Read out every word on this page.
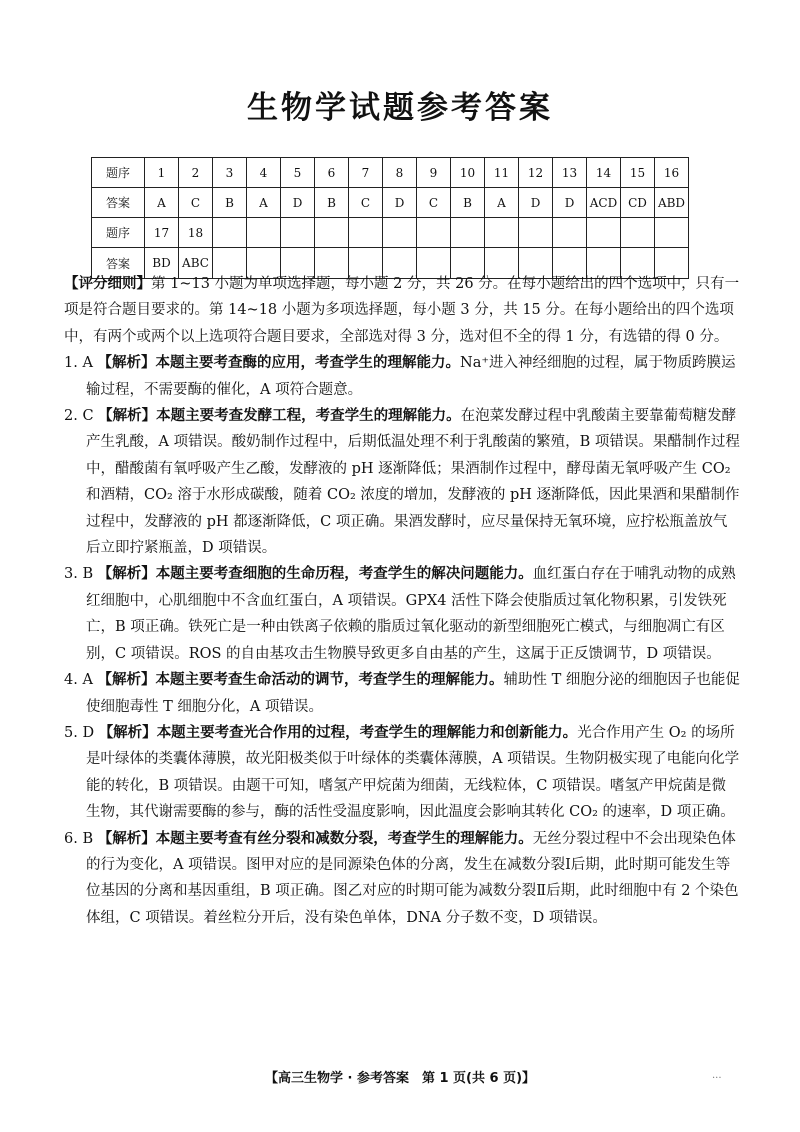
生物学试题参考答案
题序	1	2	3	4	5	6	7	8	9	10	11	12	13	14	15	16
答案	A	C	B	A	D	B	C	D	C	B	A	D	D	ACD	CD	ABD
题序	17	18														
答案	BD	ABC														

【评分细则】第 1~13 小题为单项选择题，每小题 2 分，共 26 分。在每小题给出的四个选项中，只有一项是符合题目要求的。第 14~18 小题为多项选择题，每小题 3 分，共 15 分。在每小题给出的四个选项中，有两个或两个以上选项符合题目要求，全部选对得 3 分，选对但不全的得 1 分，有选错的得 0 分。

1. A 【解析】本题主要考查酶的应用，考查学生的理解能力。Na⁺进入神经细胞的过程，属于物质跨膜运输过程，不需要酶的催化，A 项符合题意。

2. C 【解析】本题主要考查发酵工程，考查学生的理解能力。在泡菜发酵过程中乳酸菌主要靠葡萄糖发酵产生乳酸，A 项错误。酸奶制作过程中，后期低温处理不利于乳酸菌的繁殖，B 项错误。果醋制作过程中，醋酸菌有氧呼吸产生乙酸，发酵液的 pH 逐渐降低；果酒制作过程中，酵母菌无氧呼吸产生 CO₂ 和酒精，CO₂ 溶于水形成碳酸，随着 CO₂ 浓度的增加，发酵液的 pH 逐渐降低，因此果酒和果醋制作过程中，发酵液的 pH 都逐渐降低，C 项正确。果酒发酵时，应尽量保持无氧环境，应拧松瓶盖放气后立即拧紧瓶盖，D 项错误。

3. B 【解析】本题主要考查细胞的生命历程，考查学生的解决问题能力。血红蛋白存在于哺乳动物的成熟红细胞中，心肌细胞中不含血红蛋白，A 项错误。GPX4 活性下降会使脂质过氧化物积累，引发铁死亡，B 项正确。铁死亡是一种由铁离子依赖的脂质过氧化驱动的新型细胞死亡模式，与细胞凋亡有区别，C 项错误。ROS 的自由基攻击生物膜导致更多自由基的产生，这属于正反馈调节，D 项错误。

4. A 【解析】本题主要考查生命活动的调节，考查学生的理解能力。辅助性 T 细胞分泌的细胞因子也能促使细胞毒性 T 细胞分化，A 项错误。

5. D 【解析】本题主要考查光合作用的过程，考查学生的理解能力和创新能力。光合作用产生 O₂ 的场所是叶绿体的类囊体薄膜，故光阳极类似于叶绿体的类囊体薄膜，A 项错误。生物阴极实现了电能向化学能的转化，B 项错误。由题干可知，嗜氢产甲烷菌为细菌，无线粒体，C 项错误。嗜氢产甲烷菌是微生物，其代谢需要酶的参与，酶的活性受温度影响，因此温度会影响其转化 CO₂ 的速率，D 项正确。

6. B 【解析】本题主要考查有丝分裂和减数分裂，考查学生的理解能力。无丝分裂过程中不会出现染色体的行为变化，A 项错误。图甲对应的是同源染色体的分离，发生在减数分裂Ⅰ后期，此时期可能发生等位基因的分离和基因重组，B 项正确。图乙对应的时期可能为减数分裂Ⅱ后期，此时细胞中有 2 个染色体组，C 项错误。着丝粒分开后，没有染色单体，DNA 分子数不变，D 项错误。

【高三生物学 · 参考答案　第 1 页(共 6 页)】	...
